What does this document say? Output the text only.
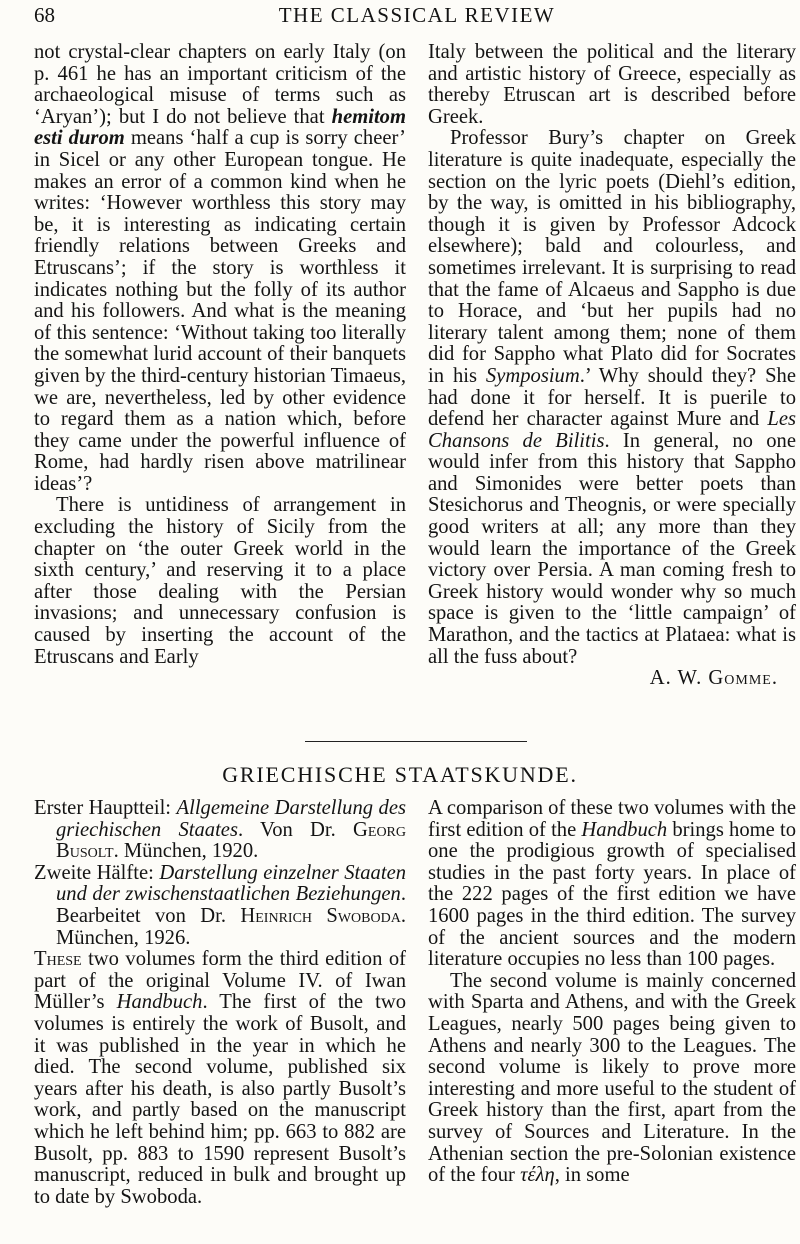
68	THE CLASSICAL REVIEW

not crystal-clear chapters on early Italy (on p. 461 he has an important criticism of the archaeological misuse of terms such as ‘Aryan’); but I do not believe that hemitom esti durom means ‘half a cup is sorry cheer’ in Sicel or any other European tongue. He makes an error of a common kind when he writes: ‘However worthless this story may be, it is interesting as indicating certain friendly relations between Greeks and Etruscans’; if the story is worthless it indicates nothing but the folly of its author and his followers. And what is the meaning of this sentence: ‘Without taking too literally the somewhat lurid account of their banquets given by the third-century historian Timaeus, we are, nevertheless, led by other evidence to regard them as a nation which, before they came under the powerful influence of Rome, had hardly risen above matrilinear ideas’?

There is untidiness of arrangement in excluding the history of Sicily from the chapter on ‘the outer Greek world in the sixth century,’ and reserving it to a place after those dealing with the Persian invasions; and unnecessary confusion is caused by inserting the account of the Etruscans and Early

Italy between the political and the literary and artistic history of Greece, especially as thereby Etruscan art is described before Greek.

Professor Bury’s chapter on Greek literature is quite inadequate, especially the section on the lyric poets (Diehl’s edition, by the way, is omitted in his bibliography, though it is given by Professor Adcock elsewhere); bald and colourless, and sometimes irrelevant. It is surprising to read that the fame of Alcaeus and Sappho is due to Horace, and ‘but her pupils had no literary talent among them; none of them did for Sappho what Plato did for Socrates in his Symposium.’ Why should they? She had done it for herself. It is puerile to defend her character against Mure and Les Chansons de Bilitis. In general, no one would infer from this history that Sappho and Simonides were better poets than Stesichorus and Theognis, or were specially good writers at all; any more than they would learn the importance of the Greek victory over Persia. A man coming fresh to Greek history would wonder why so much space is given to the ‘little campaign’ of Marathon, and the tactics at Plataea: what is all the fuss about?

A. W. Gomme.
GRIECHISCHE STAATSKUNDE.

Erster Hauptteil: Allgemeine Darstellung des griechischen Staates. Von Dr. Georg Busolt. München, 1920.

Zweite Hälfte: Darstellung einzelner Staaten und der zwischenstaatlichen Beziehungen. Bearbeitet von Dr. Heinrich Swoboda. München, 1926.

These two volumes form the third edition of part of the original Volume IV. of Iwan Müller’s Handbuch. The first of the two volumes is entirely the work of Busolt, and it was published in the year in which he died. The second volume, published six years after his death, is also partly Busolt’s work, and partly based on the manuscript which he left behind him; pp. 663 to 882 are Busolt, pp. 883 to 1590 represent Busolt’s manuscript, reduced in bulk and brought up to date by Swoboda.

A comparison of these two volumes with the first edition of the Handbuch brings home to one the prodigious growth of specialised studies in the past forty years. In place of the 222 pages of the first edition we have 1600 pages in the third edition. The survey of the ancient sources and the modern literature occupies no less than 100 pages.

The second volume is mainly concerned with Sparta and Athens, and with the Greek Leagues, nearly 500 pages being given to Athens and nearly 300 to the Leagues. The second volume is likely to prove more interesting and more useful to the student of Greek history than the first, apart from the survey of Sources and Literature. In the Athenian section the pre-Solonian existence of the four τέλη, in some
